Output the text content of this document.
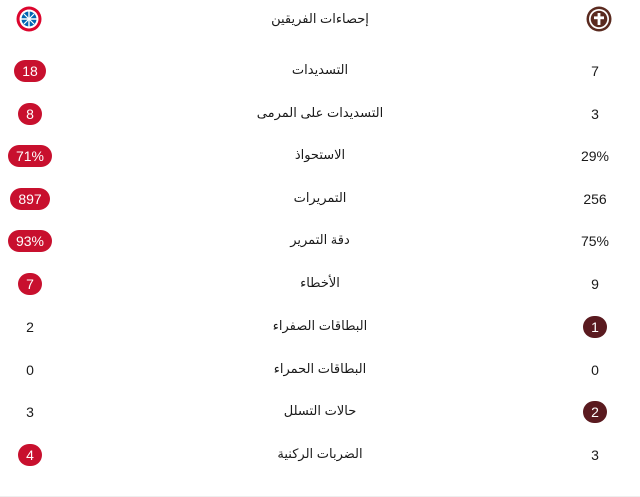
إحصاءات الفريقين
18	التسديدات	7
8	التسديدات على المرمى	3
71%	الاستحواذ	29%
897	التمريرات	256
93%	دقة التمرير	75%
7	الأخطاء	9
2	البطاقات الصفراء	1
0	البطاقات الحمراء	0
3	حالات التسلل	2
4	الضربات الركنية	3
